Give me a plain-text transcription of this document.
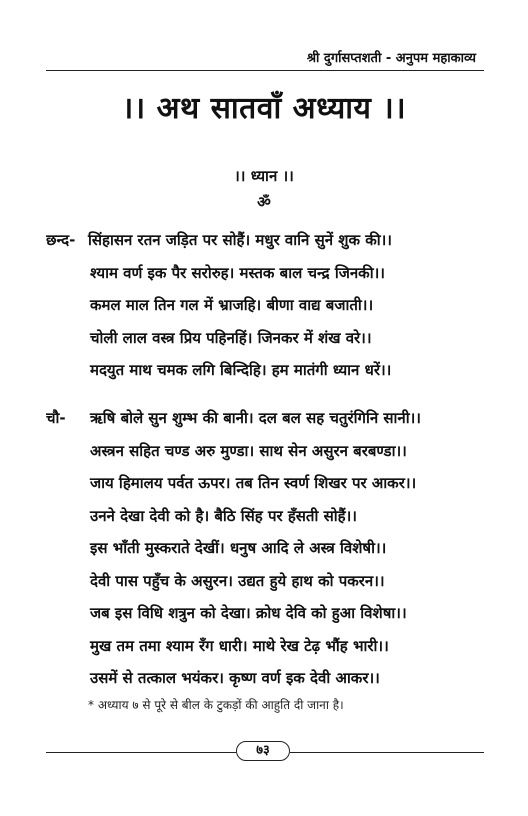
श्री दुर्गासप्तशती - अनुपम महाकाव्य
।। अथ सातवाँ अध्याय ।।
।। ध्यान ।।
ॐ
छन्द- सिंहासन रतन जड़ित पर सोहैं। मधुर वानि सुनें शुक की।।
श्याम वर्ण इक पैर सरोरुह। मस्तक बाल चन्द्र जिनकी।।
कमल माल तिन गल में भ्राजहि। बीणा वाद्य बजाती।।
चोली लाल वस्त्र प्रिय पहिनहिं। जिनकर में शंख वरे।।
मदयुत माथ चमक लगि बिन्दिहि। हम मातंगी ध्यान धरें।।
चौ- ऋषि बोले सुन शुम्भ की बानी। दल बल सह चतुरंगिनि सानी।।
अस्त्रन सहित चण्ड अरु मुण्डा। साथ सेन असुरन बरबण्डा।।
जाय हिमालय पर्वत ऊपर। तब तिन स्वर्ण शिखर पर आकर।।
उनने देखा देवी को है। बैठि सिंह पर हँसती सोहैं।।
इस भाँती मुस्कराते देखीं। धनुष आदि ले अस्त्र विशेषी।।
देवी पास पहुँच के असुरन। उद्यत हुये हाथ को पकरन।।
जब इस विधि शत्रुन को देखा। क्रोध देवि को हुआ विशेषा।।
मुख तम तमा श्याम रँग धारी। माथे रेख टेढ़ भौंह भारी।।
उसमें से तत्काल भयंकर। कृष्ण वर्ण इक देवी आकर।।
* अध्याय ७ से पूरे से बील के टुकड़ों की आहुति दी जाना है।
७३
